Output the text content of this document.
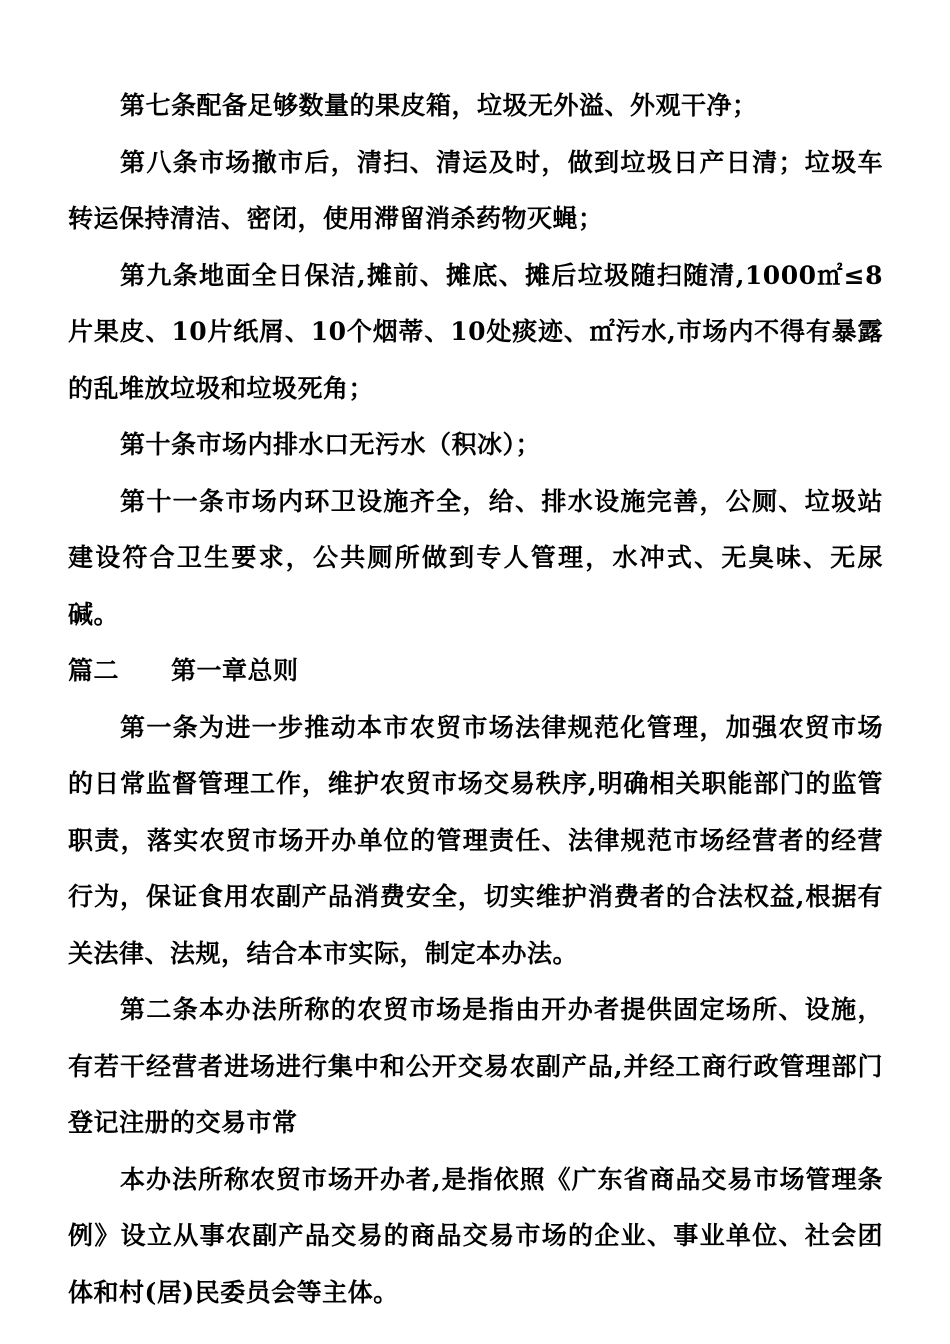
第七条配备足够数量的果皮箱，垃圾无外溢、外观干净；

第八条市场撤市后，清扫、清运及时，做到垃圾日产日清；垃圾车转运保持清洁、密闭，使用滞留消杀药物灭蝇；

第九条地面全日保洁,摊前、摊底、摊后垃圾随扫随清,1000㎡≤8片果皮、10片纸屑、10个烟蒂、10处痰迹、㎡污水,市场内不得有暴露的乱堆放垃圾和垃圾死角；

第十条市场内排水口无污水（积冰）；

第十一条市场内环卫设施齐全，给、排水设施完善，公厕、垃圾站建设符合卫生要求，公共厕所做到专人管理，水冲式、无臭味、无尿碱。

篇二 第一章总则

第一条为进一步推动本市农贸市场法律规范化管理，加强农贸市场的日常监督管理工作，维护农贸市场交易秩序,明确相关职能部门的监管职责，落实农贸市场开办单位的管理责任、法律规范市场经营者的经营行为，保证食用农副产品消费安全，切实维护消费者的合法权益,根据有关法律、法规，结合本市实际，制定本办法。

第二条本办法所称的农贸市场是指由开办者提供固定场所、设施，有若干经营者进场进行集中和公开交易农副产品,并经工商行政管理部门登记注册的交易市常

本办法所称农贸市场开办者,是指依照《广东省商品交易市场管理条例》设立从事农副产品交易的商品交易市场的企业、事业单位、社会团体和村(居)民委员会等主体。
